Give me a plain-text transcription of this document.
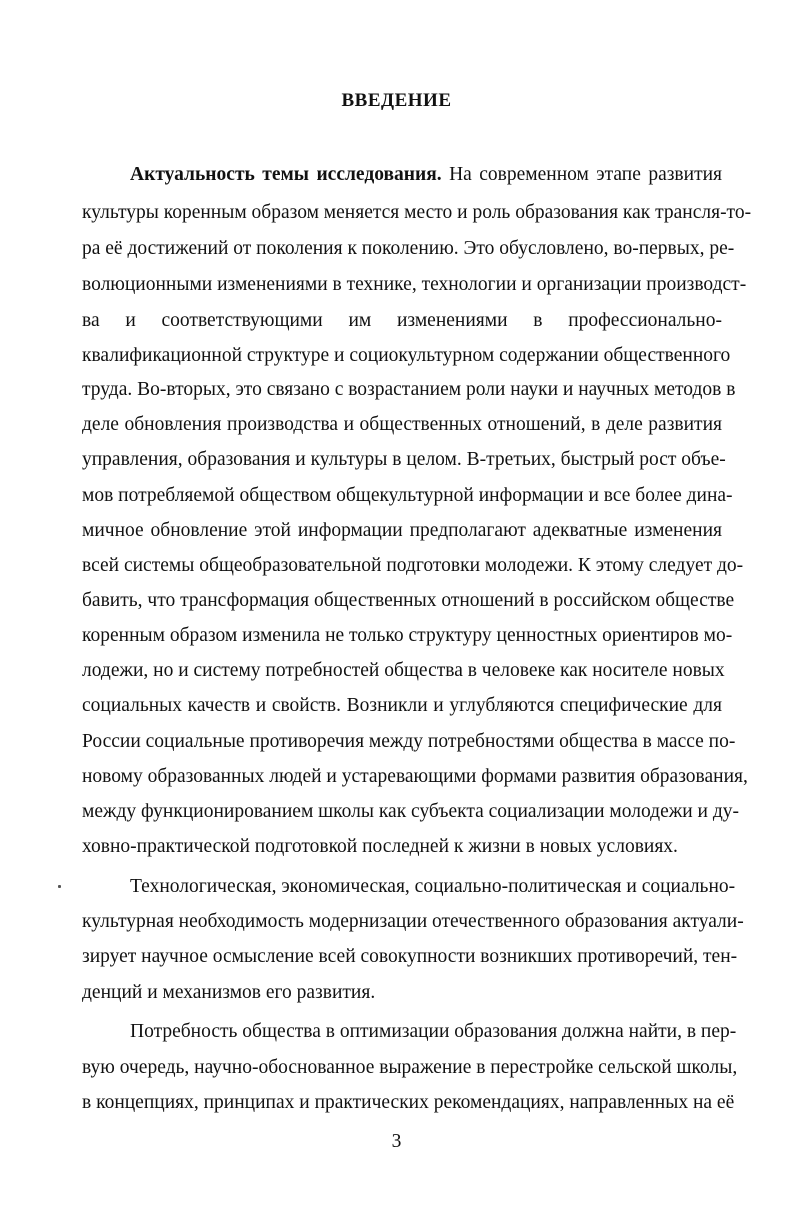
ВВЕДЕНИЕ
Актуальность темы исследования. На современном этапе развития
культуры коренным образом меняется место и роль образования как трансля-то-
ра её достижений от поколения к поколению. Это обусловлено, во-первых, ре-
волюционными изменениями в технике, технологии и организации производст-
ва и соответствующими им изменениями в профессионально-
квалификационной структуре и социокультурном содержании общественного
труда. Во-вторых, это связано с возрастанием роли науки и научных методов в
деле обновления производства и общественных отношений, в деле развития
управления, образования и культуры в целом. В-третьих, быстрый рост объе-
мов потребляемой обществом общекультурной информации и все более дина-
мичное обновление этой информации предполагают адекватные изменения
всей системы общеобразовательной подготовки молодежи. К этому следует до-
бавить, что трансформация общественных отношений в российском обществе
коренным образом изменила не только структуру ценностных ориентиров мо-
лодежи, но и систему потребностей общества в человеке как носителе новых
социальных качеств и свойств. Возникли и углубляются специфические для
России социальные противоречия между потребностями общества в массе по-
новому образованных людей и устаревающими формами развития образования,
между функционированием школы как субъекта социализации молодежи и ду-
ховно-практической подготовкой последней к жизни в новых условиях.
Технологическая, экономическая, социально-политическая и социально-
культурная необходимость модернизации отечественного образования актуали-
зирует научное осмысление всей совокупности возникших противоречий, тен-
денций и механизмов его развития.
Потребность общества в оптимизации образования должна найти, в пер-
вую очередь, научно-обоснованное выражение в перестройке сельской школы,
в концепциях, принципах и практических рекомендациях, направленных на её
3
